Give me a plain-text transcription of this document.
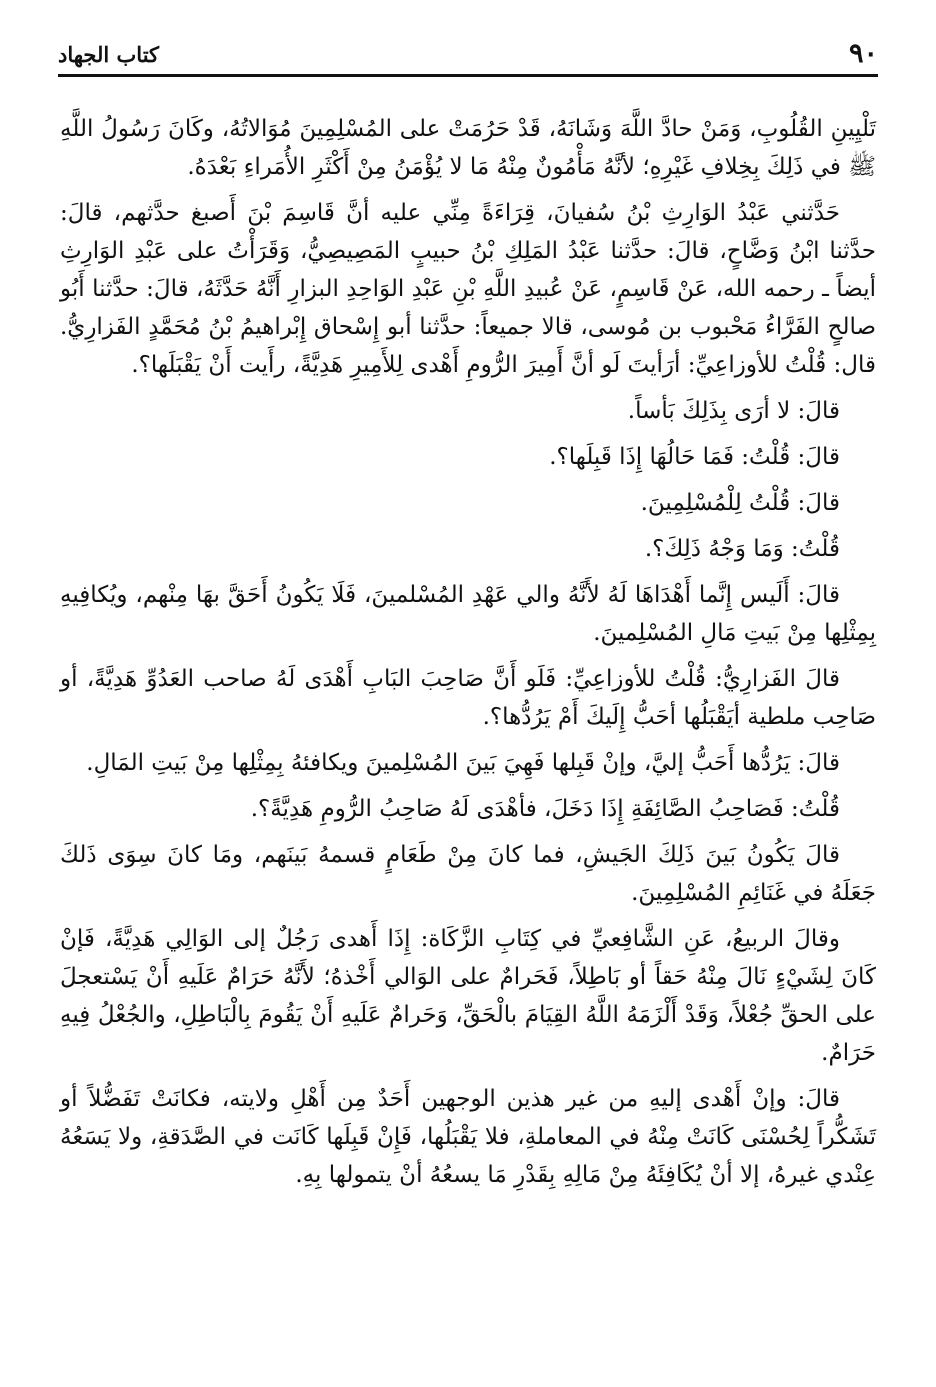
٩٠
كتاب الجهاد

تَلْيِينِ القُلُوبِ، وَمَنْ حادَّ اللَّهَ وَشَانَهُ، قَدْ حَرُمَتْ على المُسْلِمِينَ مُوَالاتُهُ، وكَانَ رَسُولُ اللَّهِ ﷺ في ذَلِكَ بِخِلافِ غَيْرِهِ؛ لأنَّهُ مَأْمُونٌ مِنْهُ مَا لا يُؤْمَنُ مِنْ أَكْثَرِ الأُمَراءِ بَعْدَهُ.

حَدَّثني عَبْدُ الوَارِثِ بْنُ سُفيانَ، قِرَاءَةً مِنِّي عليه أنَّ قَاسِمَ بْنَ أَصبغ حدَّثهم، قالَ: حدَّثنا ابْنُ وَضَّاحٍ، قالَ: حدَّثنا عَبْدُ المَلِكِ بْنُ حبيبٍ المَصِيصِيُّ، وَقَرَأْتُ على عَبْدِ الوَارِثِ أيضاً ـ رحمه الله، عَنْ قَاسِمٍ، عَنْ عُبيدِ اللَّهِ بْنِ عَبْدِ الوَاحِدِ البزارِ أَنَّهُ حَدَّثَهُ، قالَ: حدَّثنا أَبُو صالحٍ الفَرَّاءُ مَحْبوب بن مُوسى، قالا جميعاً: حدَّثنا أبو إِسْحاق إِبْراهيمُ بْنُ مُحَمَّدٍ الفَزارِيُّ. قال: قُلْتُ للأوزاعِيِّ: أرَأيتَ لَو أنَّ أَمِيرَ الرُّومِ أَهْدى لِلأَمِيرِ هَدِيَّةً، رأَيت أَنْ يَقْبَلَها؟.

قالَ: لا أرَى بِذَلِكَ بَأساً.

قالَ: قُلْتُ: فَمَا حَالُهَا إِذَا قَبِلَها؟.

قالَ: قُلْتُ لِلْمُسْلِمِينَ.

قُلْتُ: وَمَا وَجْهُ ذَلِكَ؟.

قالَ: أَلَيس إِنَّما أَهْدَاهَا لَهُ لأَنَّهُ والي عَهْدِ المُسْلمينَ، فَلَا يَكُونُ أَحَقَّ بهَا مِنْهم، ويُكافِيهِ بِمِثْلِها مِنْ بَيتِ مَالِ المُسْلِمينَ.

قالَ الفَزارِيُّ: قُلْتُ للأوزاعِيِّ: فَلَو أَنَّ صَاحِبَ البَابِ أَهْدَى لَهُ صاحب العَدُوِّ هَدِيَّةً، أو صَاحِب ملطية أيَقْبَلُها أحَبُّ إِلَيكَ أَمْ يَرُدُّها؟.

قالَ: يَرُدُّها أَحَبُّ إليَّ، وإنْ قَبِلها فَهِيَ بَينَ المُسْلِمينَ ويكافئهُ بِمِثْلِها مِنْ بَيتِ المَالِ.

قُلْتُ: فَصَاحِبُ الصَّائِفَةِ إِذَا دَخَلَ، فأهْدَى لَهُ صَاحِبُ الرُّومِ هَدِيَّةً؟.

قالَ يَكُونُ بَينَ ذَلِكَ الجَيشِ، فما كانَ مِنْ طَعَامٍ قسمهُ بَينَهم، ومَا كانَ سِوَى ذَلكَ جَعَلَهُ في غَنَائِمِ المُسْلِمِينَ.

وقالَ الربيعُ، عَنِ الشَّافِعيِّ في كِتَابِ الزَّكَاة: إِذَا أَهدى رَجُلٌ إلى الوَالِي هَدِيَّةً، فَإنْ كَانَ لِشَيْءٍ نَالَ مِنْهُ حَقاً أو بَاطِلاً، فَحَرامٌ على الوَالي أَخْذهُ؛ لأَنَّهُ حَرَامٌ عَلَيهِ أَنْ يَسْتعجلَ على الحقِّ جُعْلاً، وَقَدْ أَلْزَمَهُ اللَّهُ القِيَامَ بالْحَقِّ، وَحَرامٌ عَلَيهِ أَنْ يَقُومَ بِالْبَاطِلِ، والجُعْلُ فِيهِ حَرَامٌ.

قالَ: وإنْ أَهْدى إليهِ من غير هذين الوجهين أَحَدٌ مِن أَهْلِ ولايته، فكانَتْ تَفَضُّلاً أو تَشَكُّراً لِحُسْنَى كَانَتْ مِنْهُ في المعاملةِ، فلا يَقْبَلُها، فَإِنْ قَبِلَها كَانَت في الصَّدَقةِ، ولا يَسَعُهُ عِنْدي غيرهُ، إلا أنْ يُكَافِئَهُ مِنْ مَالِهِ بِقَدْرِ مَا يسعُهُ أنْ يتمولها بِهِ.
